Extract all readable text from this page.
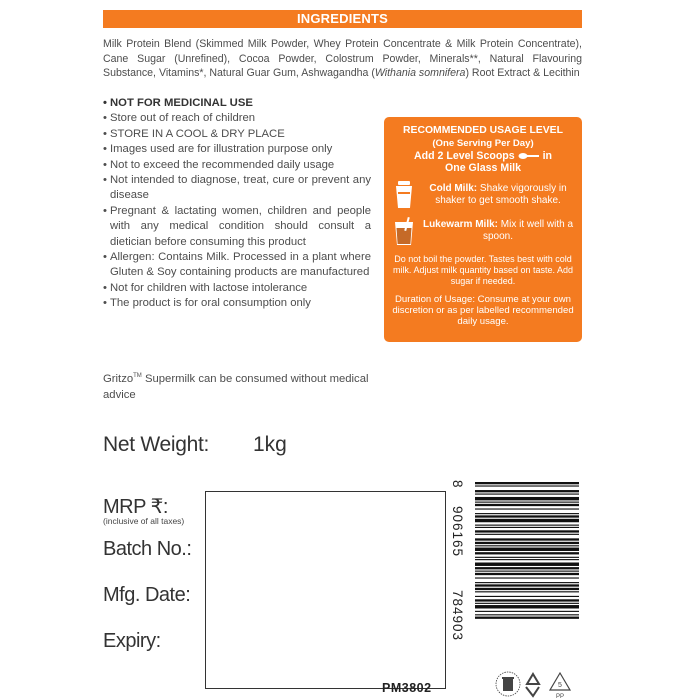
INGREDIENTS

Milk Protein Blend (Skimmed Milk Powder, Whey Protein Concentrate & Milk Protein Concentrate), Cane Sugar (Unrefined), Cocoa Powder, Colostrum Powder, Minerals**, Natural Flavouring Substance, Vitamins*, Natural Guar Gum, Ashwagandha (Withania somnifera) Root Extract & Lecithin

• NOT FOR MEDICINAL USE
• Store out of reach of children
• STORE IN A COOL & DRY PLACE
• Images used are for illustration purpose only
• Not to exceed the recommended daily usage
• Not intended to diagnose, treat, cure or prevent any disease
• Pregnant & lactating women, children and people with any medical condition should consult a dietician before consuming this product
• Allergen: Contains Milk. Processed in a plant where Gluten & Soy containing products are manufactured
• Not for children with lactose intolerance
• The product is for oral consumption only

Gritzo™ Supermilk can be consumed without medical advice

RECOMMENDED USAGE LEVEL
(One Serving Per Day)
Add 2 Level Scoops	in
One Glass Milk
Cold Milk: Shake vigorously in shaker to get smooth shake.
Lukewarm Milk: Mix it well with a spoon.
Do not boil the powder. Tastes best with cold milk. Adjust milk quantity based on taste. Add sugar if needed.
Duration of Usage: Consume at your own discretion or as per labelled recommended daily usage.
Net Weight: 1kg
MRP ₹:
(inclusive of all taxes)
Batch No.:
Mfg. Date:
Expiry:
8
906165
784903
5
PP
PM3802
